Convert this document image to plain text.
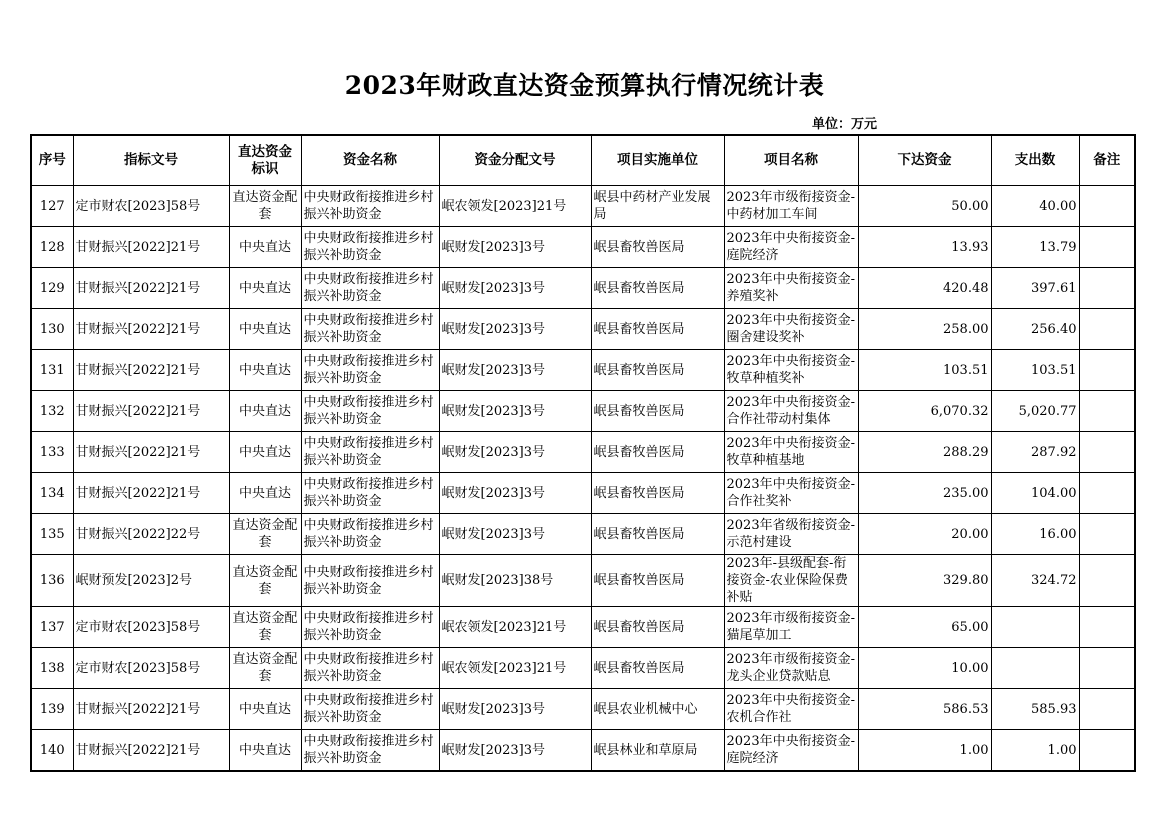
2023年财政直达资金预算执行情况统计表
单位：万元
序号	指标文号	直达资金标识	资金名称	资金分配文号	项目实施单位	项目名称	下达资金	支出数	备注
127	定市财农[2023]58号	直达资金配套	中央财政衔接推进乡村振兴补助资金	岷农领发[2023]21号	岷县中药材产业发展局	2023年市级衔接资金-中药材加工车间	50.00	40.00	
128	甘财振兴[2022]21号	中央直达	中央财政衔接推进乡村振兴补助资金	岷财发[2023]3号	岷县畜牧兽医局	2023年中央衔接资金-庭院经济	13.93	13.79	
129	甘财振兴[2022]21号	中央直达	中央财政衔接推进乡村振兴补助资金	岷财发[2023]3号	岷县畜牧兽医局	2023年中央衔接资金-养殖奖补	420.48	397.61	
130	甘财振兴[2022]21号	中央直达	中央财政衔接推进乡村振兴补助资金	岷财发[2023]3号	岷县畜牧兽医局	2023年中央衔接资金-圈舍建设奖补	258.00	256.40	
131	甘财振兴[2022]21号	中央直达	中央财政衔接推进乡村振兴补助资金	岷财发[2023]3号	岷县畜牧兽医局	2023年中央衔接资金-牧草种植奖补	103.51	103.51	
132	甘财振兴[2022]21号	中央直达	中央财政衔接推进乡村振兴补助资金	岷财发[2023]3号	岷县畜牧兽医局	2023年中央衔接资金-合作社带动村集体	6,070.32	5,020.77	
133	甘财振兴[2022]21号	中央直达	中央财政衔接推进乡村振兴补助资金	岷财发[2023]3号	岷县畜牧兽医局	2023年中央衔接资金-牧草种植基地	288.29	287.92	
134	甘财振兴[2022]21号	中央直达	中央财政衔接推进乡村振兴补助资金	岷财发[2023]3号	岷县畜牧兽医局	2023年中央衔接资金-合作社奖补	235.00	104.00	
135	甘财振兴[2022]22号	直达资金配套	中央财政衔接推进乡村振兴补助资金	岷财发[2023]3号	岷县畜牧兽医局	2023年省级衔接资金-示范村建设	20.00	16.00	
136	岷财预发[2023]2号	直达资金配套	中央财政衔接推进乡村振兴补助资金	岷财发[2023]38号	岷县畜牧兽医局	2023年-县级配套-衔接资金-农业保险保费补贴	329.80	324.72	
137	定市财农[2023]58号	直达资金配套	中央财政衔接推进乡村振兴补助资金	岷农领发[2023]21号	岷县畜牧兽医局	2023年市级衔接资金-猫尾草加工	65.00		
138	定市财农[2023]58号	直达资金配套	中央财政衔接推进乡村振兴补助资金	岷农领发[2023]21号	岷县畜牧兽医局	2023年市级衔接资金-龙头企业贷款贴息	10.00		
139	甘财振兴[2022]21号	中央直达	中央财政衔接推进乡村振兴补助资金	岷财发[2023]3号	岷县农业机械中心	2023年中央衔接资金-农机合作社	586.53	585.93	
140	甘财振兴[2022]21号	中央直达	中央财政衔接推进乡村振兴补助资金	岷财发[2023]3号	岷县林业和草原局	2023年中央衔接资金-庭院经济	1.00	1.00	
